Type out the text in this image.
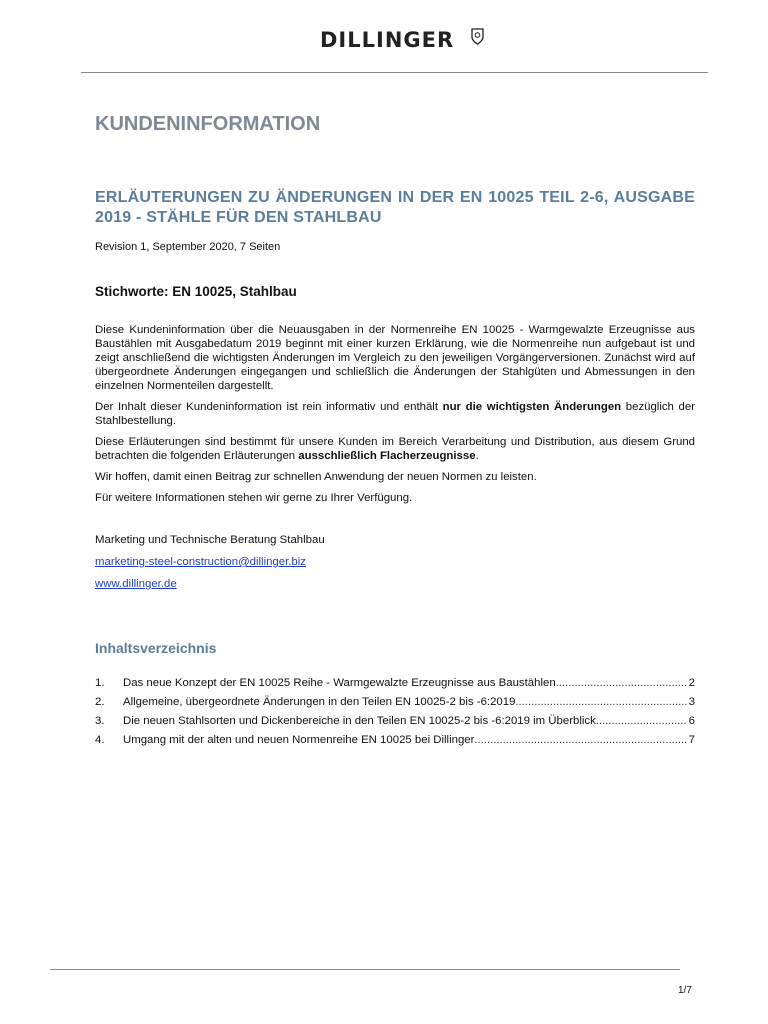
DILLINGER
KUNDENINFORMATION
ERLÄUTERUNGEN ZU ÄNDERUNGEN IN DER EN 10025 TEIL 2-6, AUSGABE 2019 - STÄHLE FÜR DEN STAHLBAU
Revision 1, September 2020, 7 Seiten
Stichworte: EN 10025, Stahlbau

Diese Kundeninformation über die Neuausgaben in der Normenreihe EN 10025 - Warmgewalzte Erzeugnisse aus Baustählen mit Ausgabedatum 2019 beginnt mit einer kurzen Erklärung, wie die Normenreihe nun aufgebaut ist und zeigt anschließend die wichtigsten Änderungen im Vergleich zu den jeweiligen Vorgängerversionen. Zunächst wird auf übergeordnete Änderungen eingegangen und schließlich die Änderungen der Stahlgüten und Abmessungen in den einzelnen Normenteilen dargestellt.

Der Inhalt dieser Kundeninformation ist rein informativ und enthält nur die wichtigsten Änderungen bezüglich der Stahlbestellung.

Diese Erläuterungen sind bestimmt für unsere Kunden im Bereich Verarbeitung und Distribution, aus diesem Grund betrachten die folgenden Erläuterungen ausschließlich Flacherzeugnisse.

Wir hoffen, damit einen Beitrag zur schnellen Anwendung der neuen Normen zu leisten.

Für weitere Informationen stehen wir gerne zu Ihrer Verfügung.

Marketing und Technische Beratung Stahlbau
marketing-steel-construction@dillinger.biz
www.dillinger.de
Inhaltsverzeichnis
1.	Das neue Konzept der EN 10025 Reihe - Warmgewalzte Erzeugnisse aus Baustählen . . .	2
2.	Allgemeine, übergeordnete Änderungen in den Teilen EN 10025-2 bis -6:2019 . . .	3
3.	Die neuen Stahlsorten und Dickenbereiche in den Teilen EN 10025-2 bis -6:2019 im Überblick . . .	6
4.	Umgang mit der alten und neuen Normenreihe EN 10025 bei Dillinger . . .	7
1/7
